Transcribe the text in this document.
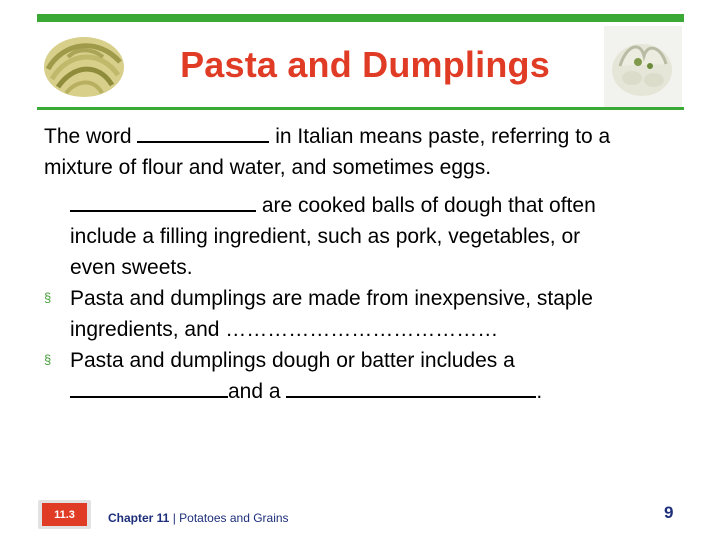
Pasta and Dumplings

The word	in Italian means paste, referring to a

mixture of flour and water, and sometimes eggs.

are cooked balls of dough that often
include a filling ingredient, such as pork, vegetables, or
even sweets.
§ Pasta and dumplings are made from inexpensive, staple
ingredients, and …………………………………
§ Pasta and dumplings dough or batter includes a
and a	.
11.3	Chapter 11 | Potatoes and Grains	9
